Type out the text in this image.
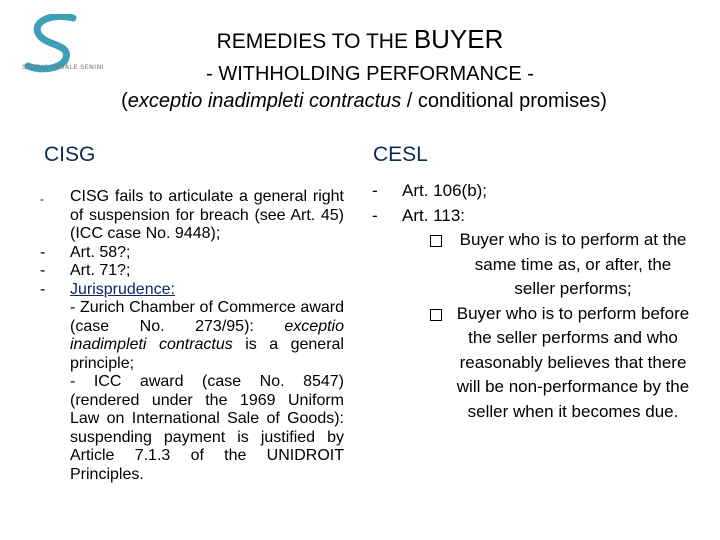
STUDIO LEGALE SENINI
REMEDIES TO THE BUYER
- WITHHOLDING PERFORMANCE -
(exceptio inadimpleti contractus / conditional promises)
CISG	CESL
-	CISG fails to articulate a general right of suspension for breach (see Art. 45) (ICC case No. 9448);
-	Art. 58?;
-	Art. 71?;
-	Jurisprudence:
- Zurich Chamber of Commerce award (case No. 273/95): exceptio inadimpleti contractus is a general principle;
- ICC award (case No. 8547) (rendered under the 1969 Uniform Law on International Sale of Goods): suspending payment is justified by Article 7.1.3 of the UNIDROIT Principles.
-	Art. 106(b);
-	Art. 113:
Buyer who is to perform at the same time as, or after, the seller performs;
Buyer who is to perform before the seller performs and who reasonably believes that there will be non-performance by the seller when it becomes due.
